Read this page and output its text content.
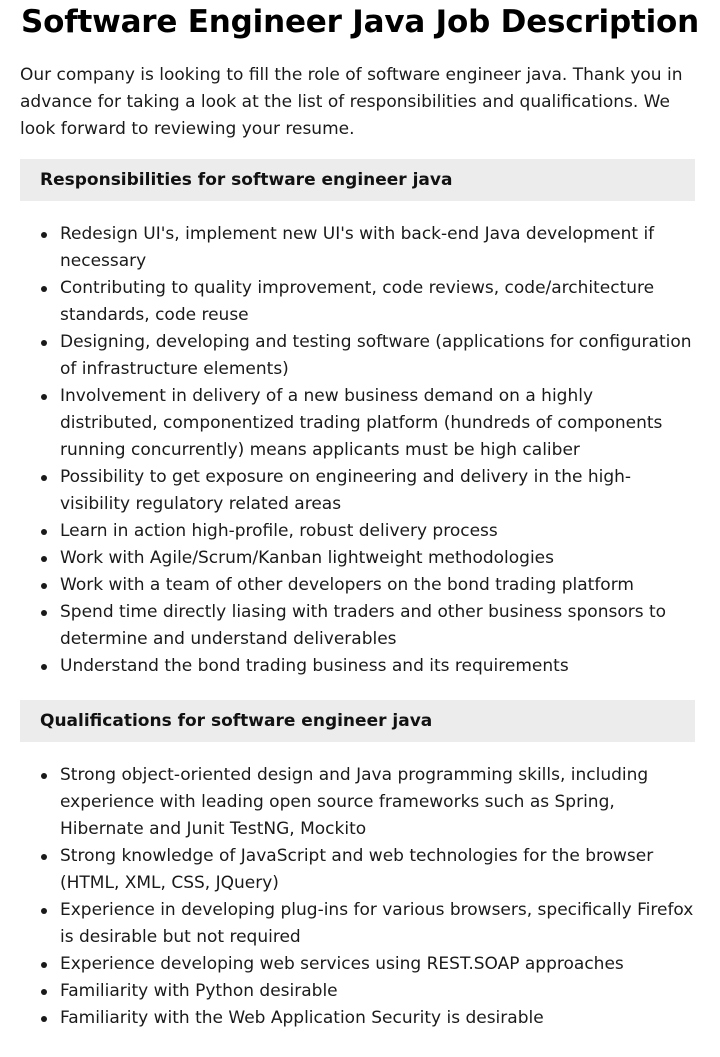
Software Engineer Java Job Description

Our company is looking to fill the role of software engineer java. Thank you in advance for taking a look at the list of responsibilities and qualifications. We look forward to reviewing your resume.

Responsibilities for software engineer java
Redesign UI's, implement new UI's with back-end Java development if necessary
Contributing to quality improvement, code reviews, code/architecture standards, code reuse
Designing, developing and testing software (applications for configuration of infrastructure elements)
Involvement in delivery of a new business demand on a highly distributed, componentized trading platform (hundreds of components running concurrently) means applicants must be high caliber
Possibility to get exposure on engineering and delivery in the high-visibility regulatory related areas
Learn in action high-profile, robust delivery process
Work with Agile/Scrum/Kanban lightweight methodologies
Work with a team of other developers on the bond trading platform
Spend time directly liasing with traders and other business sponsors to determine and understand deliverables
Understand the bond trading business and its requirements
Qualifications for software engineer java
Strong object-oriented design and Java programming skills, including experience with leading open source frameworks such as Spring, Hibernate and Junit TestNG, Mockito
Strong knowledge of JavaScript and web technologies for the browser (HTML, XML, CSS, JQuery)
Experience in developing plug-ins for various browsers, specifically Firefox is desirable but not required
Experience developing web services using REST.SOAP approaches
Familiarity with Python desirable
Familiarity with the Web Application Security is desirable
